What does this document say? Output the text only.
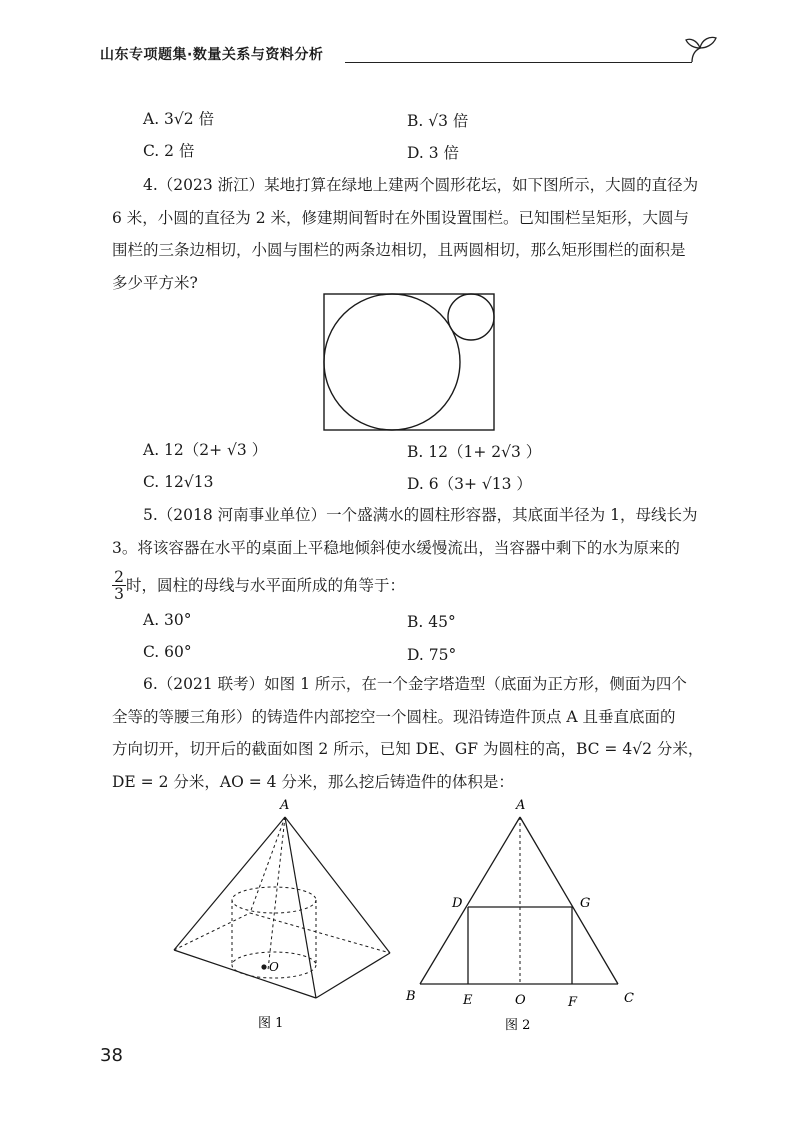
山东专项题集·数量关系与资料分析
A. 3√2 倍	B. √3 倍
C. 2 倍	D. 3 倍
4.（2023 浙江）某地打算在绿地上建两个圆形花坛，如下图所示，大圆的直径为
6 米，小圆的直径为 2 米，修建期间暂时在外围设置围栏。已知围栏呈矩形，大圆与
围栏的三条边相切，小圆与围栏的两条边相切，且两圆相切，那么矩形围栏的面积是
多少平方米?
A. 12（2+ √3 ）	B. 12（1+ 2√3 ）
C. 12√13	D. 6（3+ √13 ）
5.（2018 河南事业单位）一个盛满水的圆柱形容器，其底面半径为 1，母线长为
3。将该容器在水平的桌面上平稳地倾斜使水缓慢流出，当容器中剩下的水为原来的
$\frac{2}{3}$ 时，圆柱的母线与水平面所成的角等于：
A. 30°	B. 45°
C. 60°	D. 75°
6.（2021 联考）如图 1 所示，在一个金字塔造型（底面为正方形，侧面为四个
全等的等腰三角形）的铸造件内部挖空一个圆柱。现沿铸造件顶点 A 且垂直底面的
方向切开，切开后的截面如图 2 所示，已知 DE、GF 为圆柱的高，BC = 4√2 分米，
DE = 2 分米，AO = 4 分米，那么挖后铸造件的体积是：
A
O
图 1
A
D	G
B	E	O	F	C
图 2
38
